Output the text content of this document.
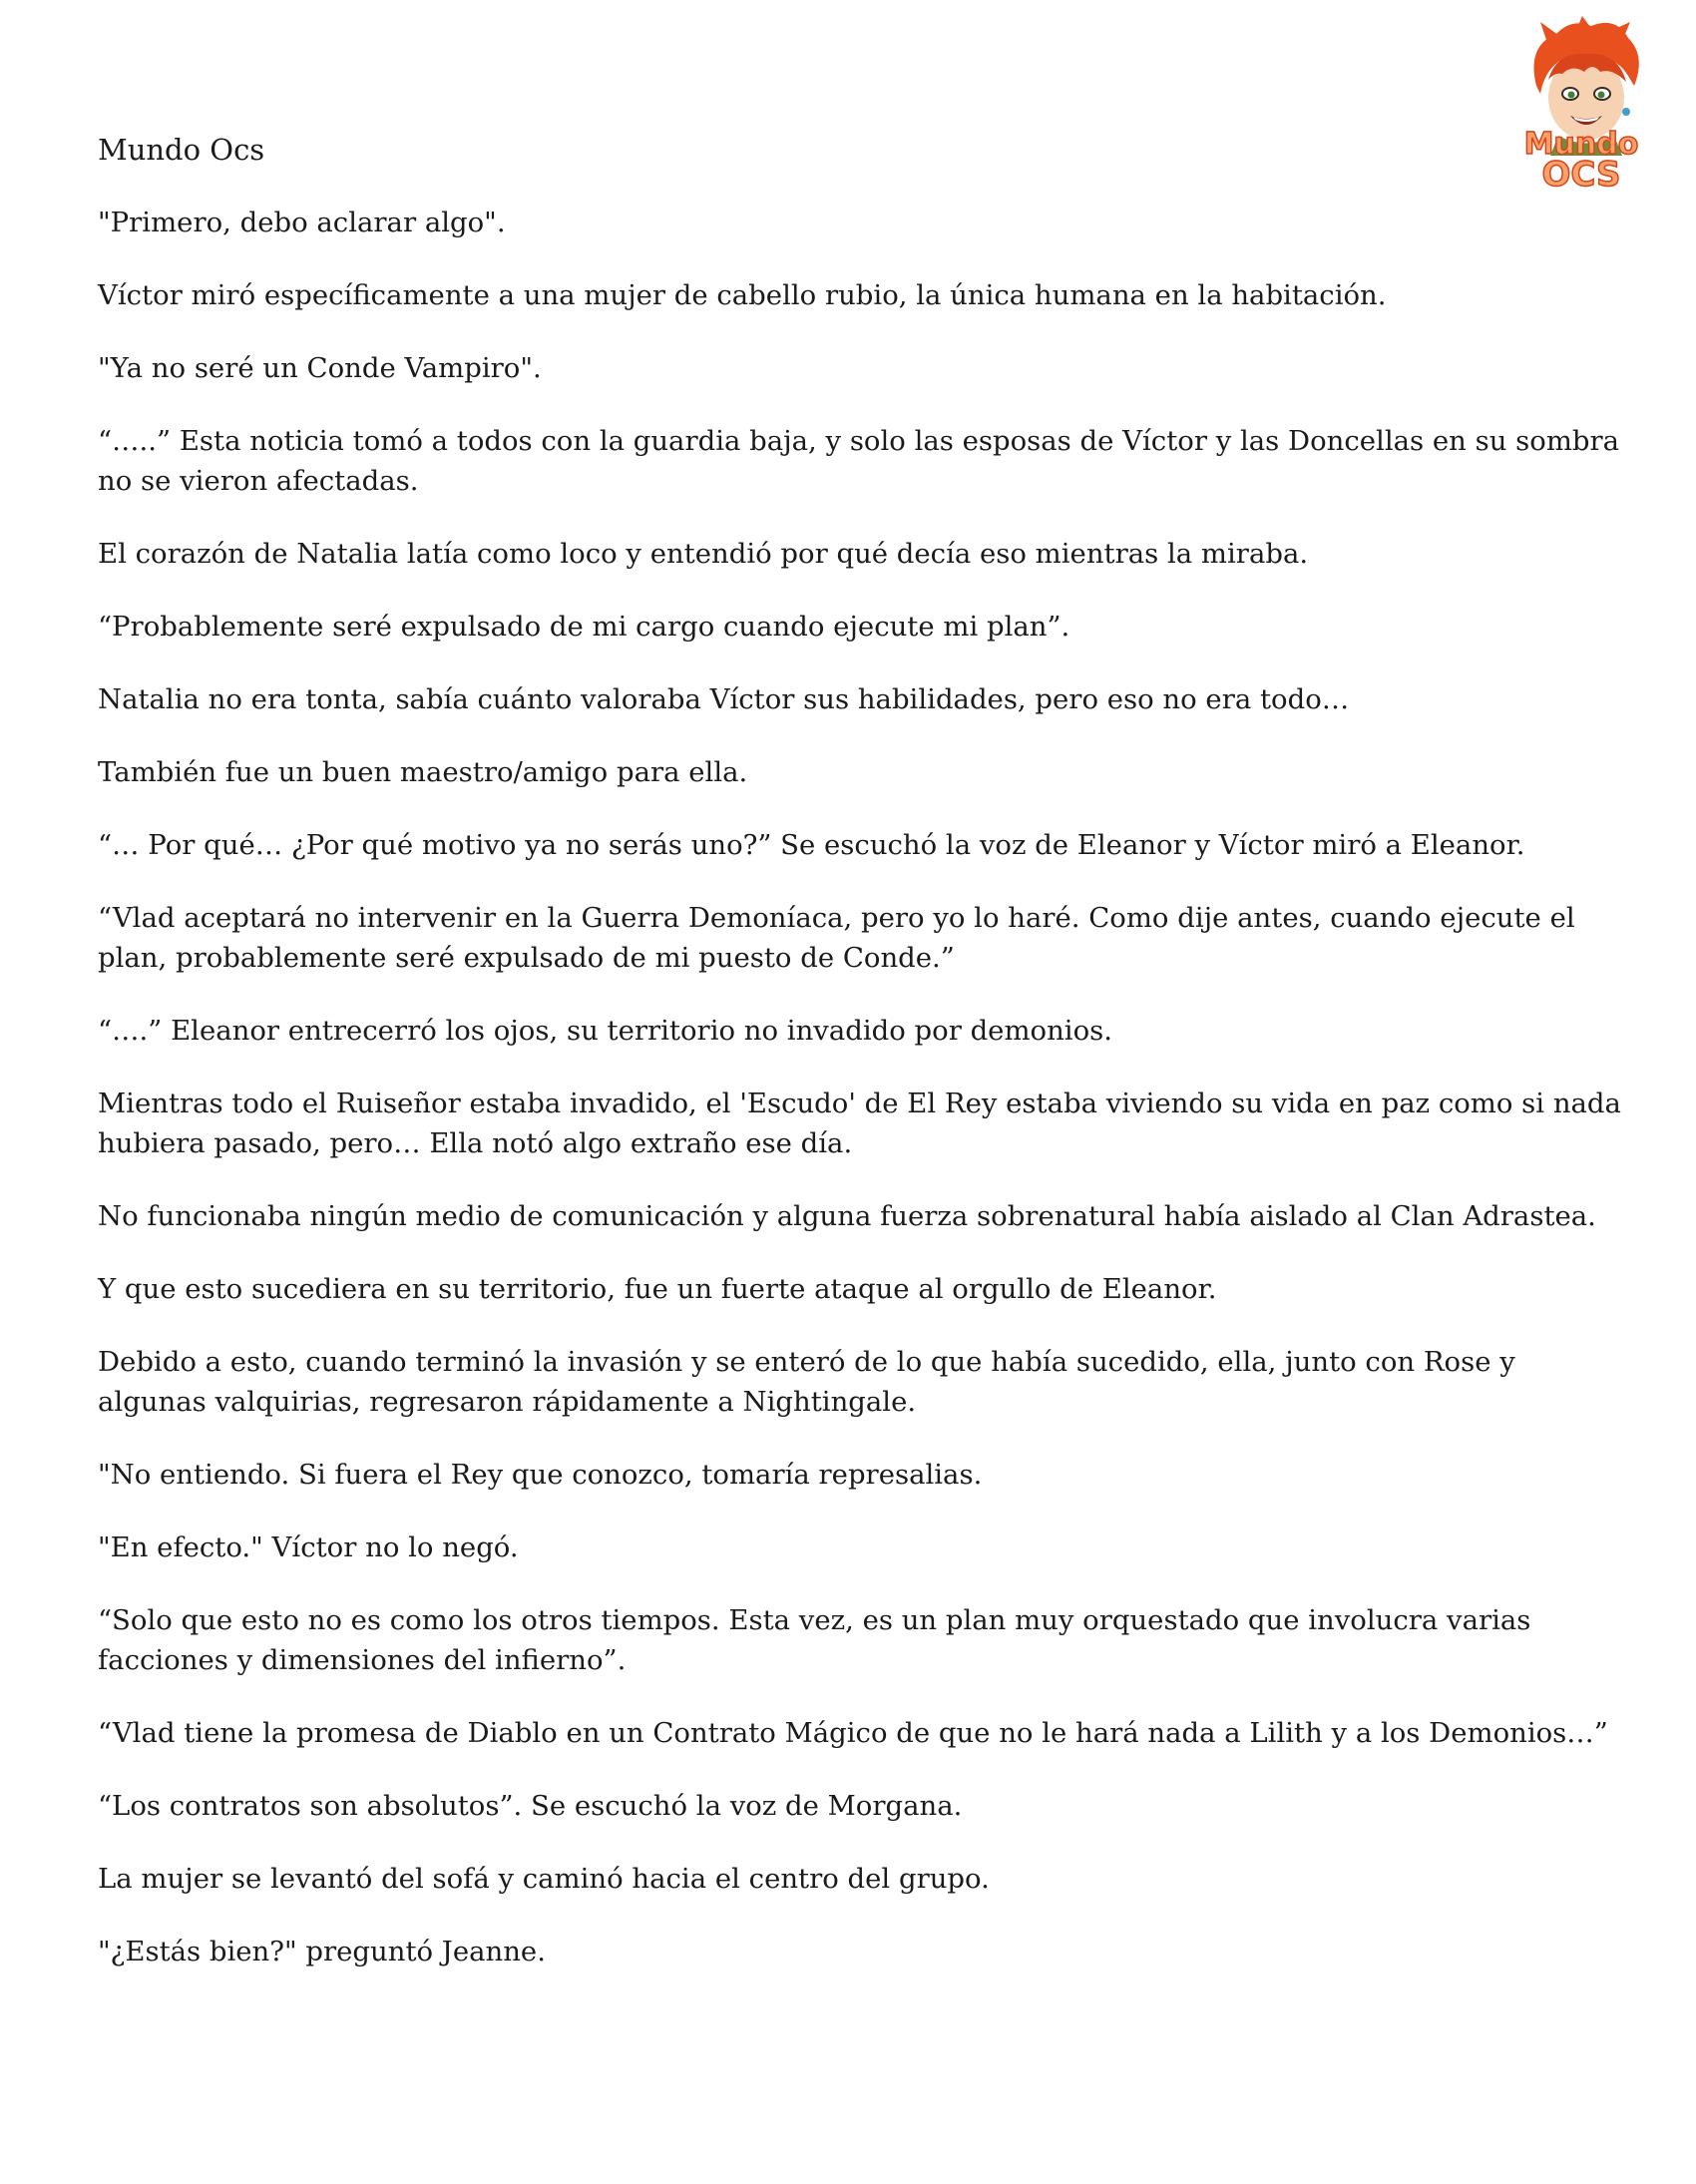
Mundo
OCS

Mundo Ocs

"Primero, debo aclarar algo".

Víctor miró específicamente a una mujer de cabello rubio, la única humana en la habitación.

"Ya no seré un Conde Vampiro".

“…..” Esta noticia tomó a todos con la guardia baja, y solo las esposas de Víctor y las Doncellas en su sombra no se vieron afectadas.

El corazón de Natalia latía como loco y entendió por qué decía eso mientras la miraba.

“Probablemente seré expulsado de mi cargo cuando ejecute mi plan”.

Natalia no era tonta, sabía cuánto valoraba Víctor sus habilidades, pero eso no era todo…

También fue un buen maestro/amigo para ella.

“… Por qué… ¿Por qué motivo ya no serás uno?” Se escuchó la voz de Eleanor y Víctor miró a Eleanor.

“Vlad aceptará no intervenir en la Guerra Demoníaca, pero yo lo haré. Como dije antes, cuando ejecute el plan, probablemente seré expulsado de mi puesto de Conde.”

“….” Eleanor entrecerró los ojos, su territorio no invadido por demonios.

Mientras todo el Ruiseñor estaba invadido, el 'Escudo' de El Rey estaba viviendo su vida en paz como si nada hubiera pasado, pero… Ella notó algo extraño ese día.

No funcionaba ningún medio de comunicación y alguna fuerza sobrenatural había aislado al Clan Adrastea.

Y que esto sucediera en su territorio, fue un fuerte ataque al orgullo de Eleanor.

Debido a esto, cuando terminó la invasión y se enteró de lo que había sucedido, ella, junto con Rose y algunas valquirias, regresaron rápidamente a Nightingale.

"No entiendo. Si fuera el Rey que conozco, tomaría represalias.

"En efecto." Víctor no lo negó.

“Solo que esto no es como los otros tiempos. Esta vez, es un plan muy orquestado que involucra varias facciones y dimensiones del infierno”.

“Vlad tiene la promesa de Diablo en un Contrato Mágico de que no le hará nada a Lilith y a los Demonios…”

“Los contratos son absolutos”. Se escuchó la voz de Morgana.

La mujer se levantó del sofá y caminó hacia el centro del grupo.

"¿Estás bien?" preguntó Jeanne.
